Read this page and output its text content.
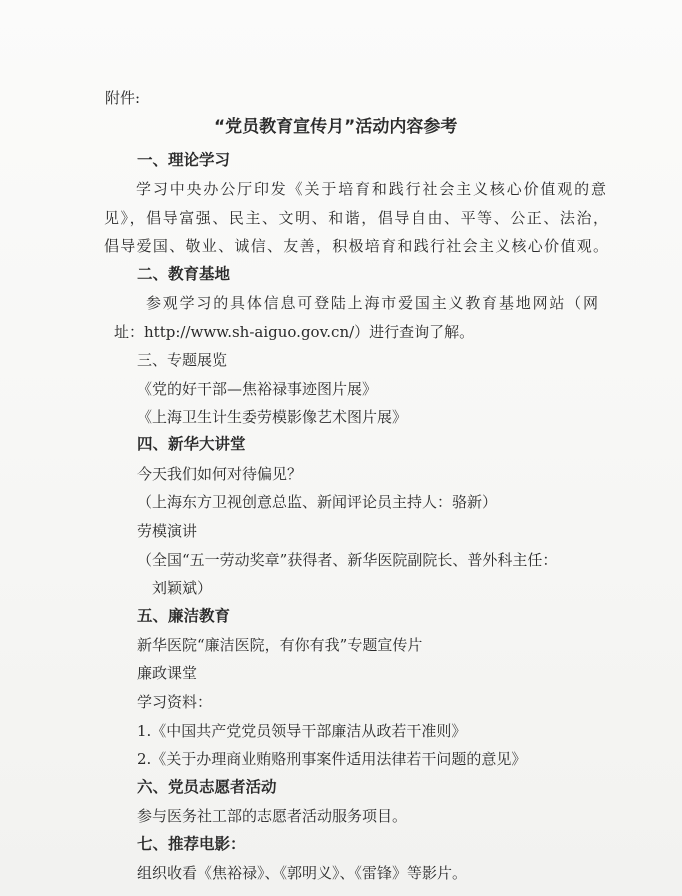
附件:
“党员教育宣传月”活动内容参考
一、理论学习
学习中央办公厅印发《关于培育和践行社会主义核心价值观的意
见》，倡导富强、民主、文明、和谐，倡导自由、平等、公正、法治，
倡导爱国、敬业、诚信、友善，积极培育和践行社会主义核心价值观。
二、教育基地
参观学习的具体信息可登陆上海市爱国主义教育基地网站（网
址：http://www.sh-aiguo.gov.cn/）进行查询了解。
三、专题展览
《党的好干部—焦裕禄事迹图片展》
《上海卫生计生委劳模影像艺术图片展》
四、新华大讲堂
今天我们如何对待偏见？
（上海东方卫视创意总监、新闻评论员主持人：骆新）
劳模演讲
（全国“五一劳动奖章”获得者、新华医院副院长、普外科主任：
刘颖斌）
五、廉洁教育
新华医院“廉洁医院，有你有我”专题宣传片
廉政课堂
学习资料：
1.《中国共产党党员领导干部廉洁从政若干准则》
2.《关于办理商业贿赂刑事案件适用法律若干问题的意见》
六、党员志愿者活动
参与医务社工部的志愿者活动服务项目。
七、推荐电影：
组织收看《焦裕禄》、《郭明义》、《雷锋》等影片。
